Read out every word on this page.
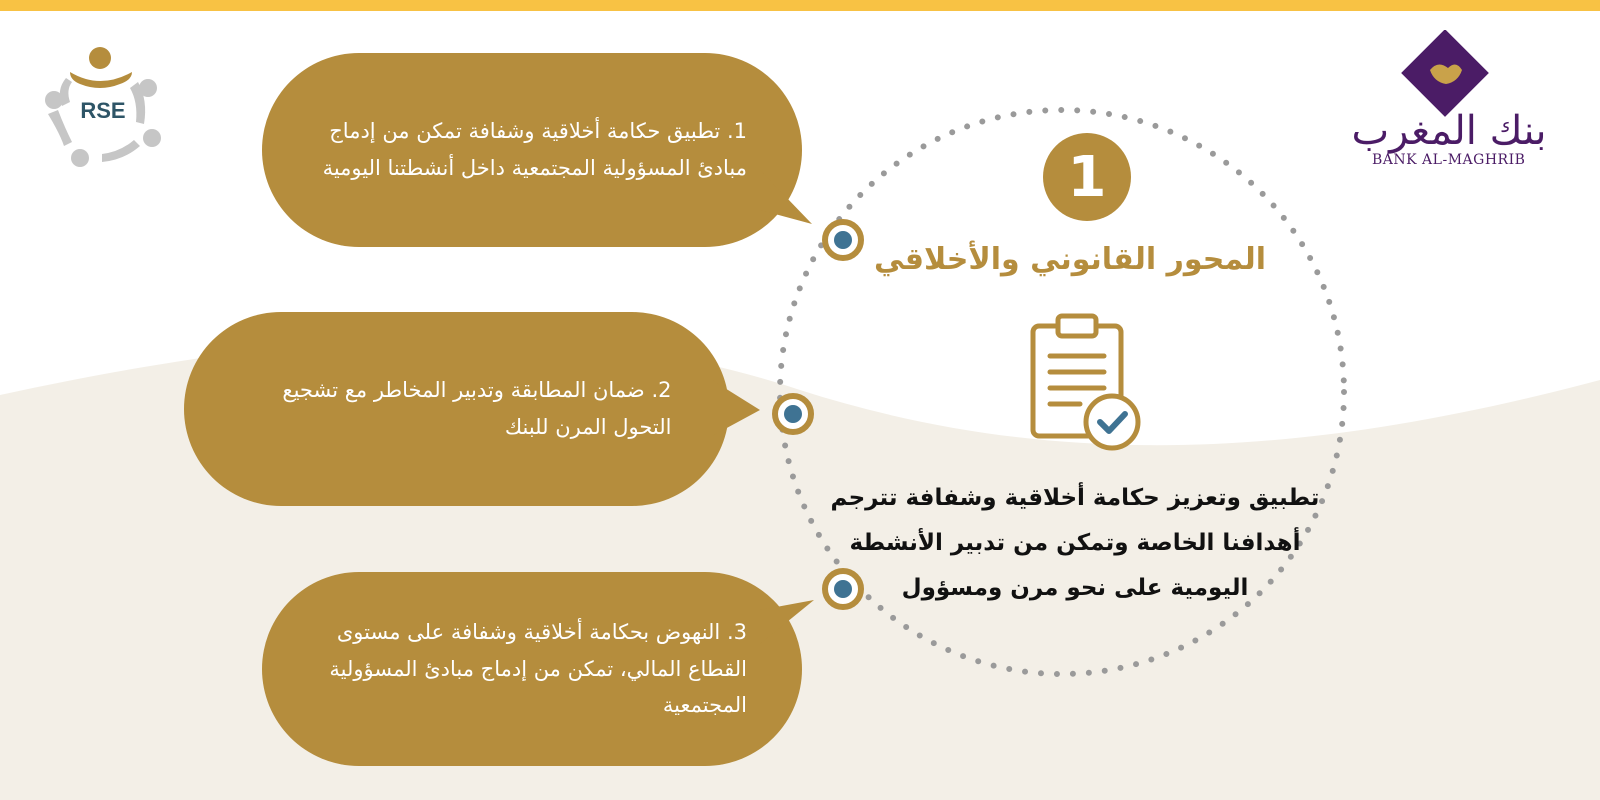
RSE	بنك المغرب
BANK AL-MAGHRIB
1. تطبيق حكامة أخلاقية وشفافة تمكن من إدماج مبادئ المسؤولية المجتمعية داخل أنشطتنا اليومية
2. ضمان المطابقة وتدبير المخاطر مع تشجيع التحول المرن للبنك
3. النهوض بحكامة أخلاقية وشفافة على مستوى القطاع المالي، تمكن من إدماج مبادئ المسؤولية المجتمعية
1
المحور القانوني والأخلاقي
تطبيق وتعزيز حكامة أخلاقية وشفافة تترجم أهدافنا الخاصة وتمكن من تدبير الأنشطة اليومية على نحو مرن ومسؤول
